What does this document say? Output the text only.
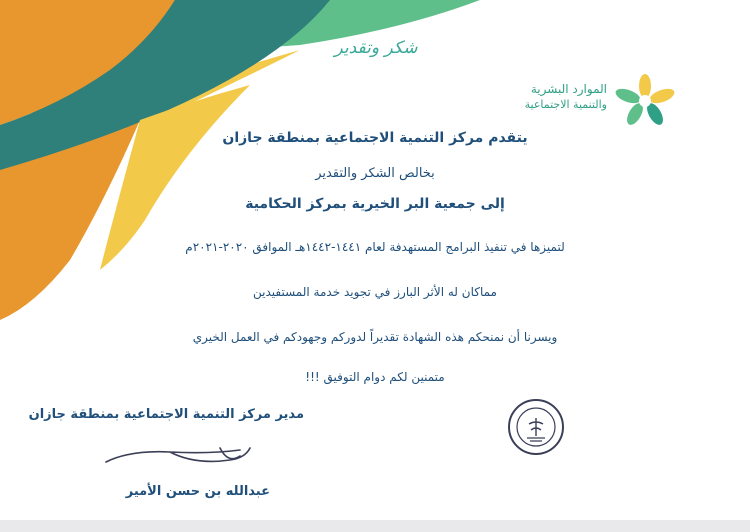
شكر وتقدير
الموارد البشرية
والتنمية الاجتماعية
يتقدم مركز التنمية الاجتماعية بمنطقة جازان
بخالص الشكر والتقدير
إلى جمعية البر الخيرية بمركز الحكامية
لتميزها في تنفيذ البرامج المستهدفة لعام ١٤٤١-١٤٤٢هـ الموافق ٢٠٢٠-٢٠٢١م
مماكان له الأثر البارز في تجويد خدمة المستفيدين
ويسرنا أن نمنحكم هذه الشهادة تقديراً لدوركم وجهودكم في العمل الخيري
متمنين لكم دوام التوفيق !!!
مدير مركز التنمية الاجتماعية بمنطقة جازان
عبدالله بن حسن الأمير
